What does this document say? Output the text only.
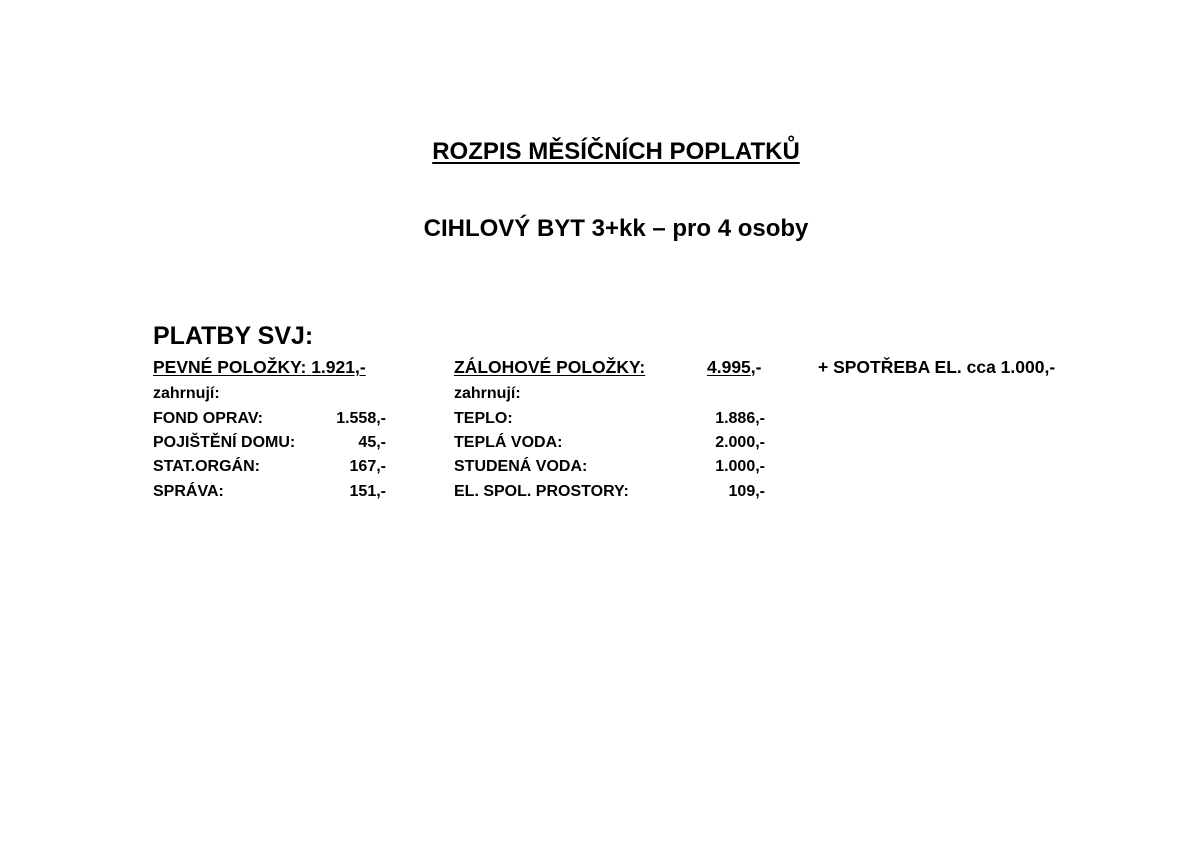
ROZPIS MĚSÍČNÍCH POPLATKŮ
CIHLOVÝ BYT 3+kk – pro 4 osoby
PLATBY SVJ:
PEVNÉ POLOŽKY: 1.921,-
zahrnují:
FOND OPRAV:	1.558,-
POJIŠTĚNÍ DOMU:	45,-
STAT.ORGÁN:	167,-
SPRÁVA:	151,-
ZÁLOHOVÉ POLOŽKY:	4.995,-
zahrnují:
TEPLO:	1.886,-
TEPLÁ VODA:	2.000,-
STUDENÁ VODA:	1.000,-
EL. SPOL. PROSTORY:	109,-
+ SPOTŘEBA EL. cca 1.000,-
